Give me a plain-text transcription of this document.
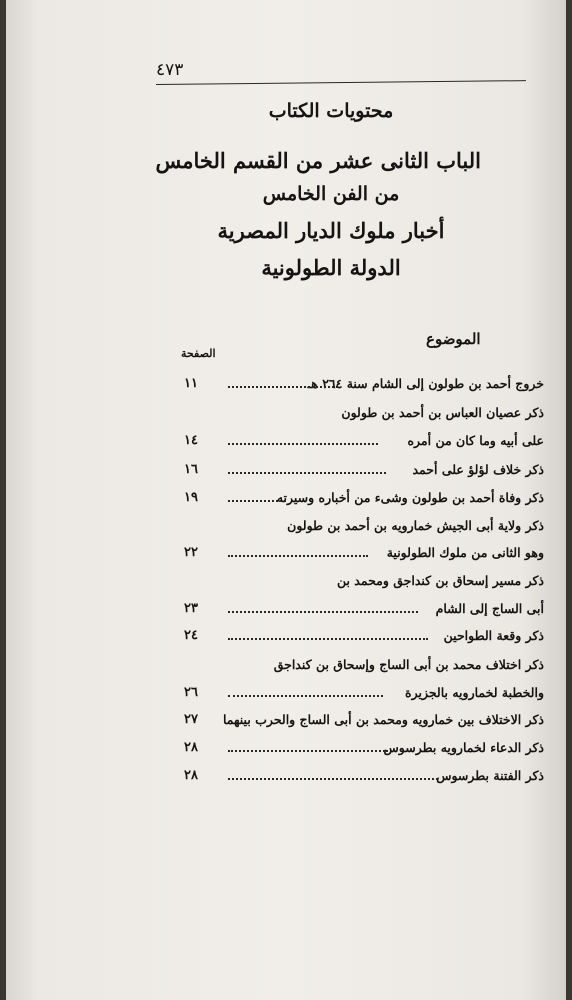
٤٧٣
محتويات الكتاب
الباب الثانى عشر من القسم الخامس
من الفن الخامس
أخبار ملوك الديار المصرية
الدولة الطولونية
الموضوع
الصفحة
خروج أحمد بن طولون إلى الشام سنة ٢٦٤ هـ
١١
ذكر عصيان العباس بن أحمد بن طولون
على أبيه وما كان من أمره
١٤
ذكر خلاف لؤلؤ على أحمد
١٦
ذكر وفاة أحمد بن طولون وشىء من أخباره وسيرته
١٩
ذكر ولاية أبى الجيش خمارويه بن أحمد بن طولون
وهو الثانى من ملوك الطولونية
٢٢
ذكر مسير إسحاق بن كنداجق ومحمد بن
أبى الساج إلى الشام
٢٣
ذكر وقعة الطواحين
٢٤
ذكر اختلاف محمد بن أبى الساج وإسحاق بن كنداجق
والخطبة لخمارويه بالجزيرة
٢٦
ذكر الاختلاف بين خمارويه ومحمد بن أبى الساج والحرب بينهما
٢٧
ذكر الدعاء لخمارويه بطرسوس
٢٨
ذكر الفتنة بطرسوس
٢٨
